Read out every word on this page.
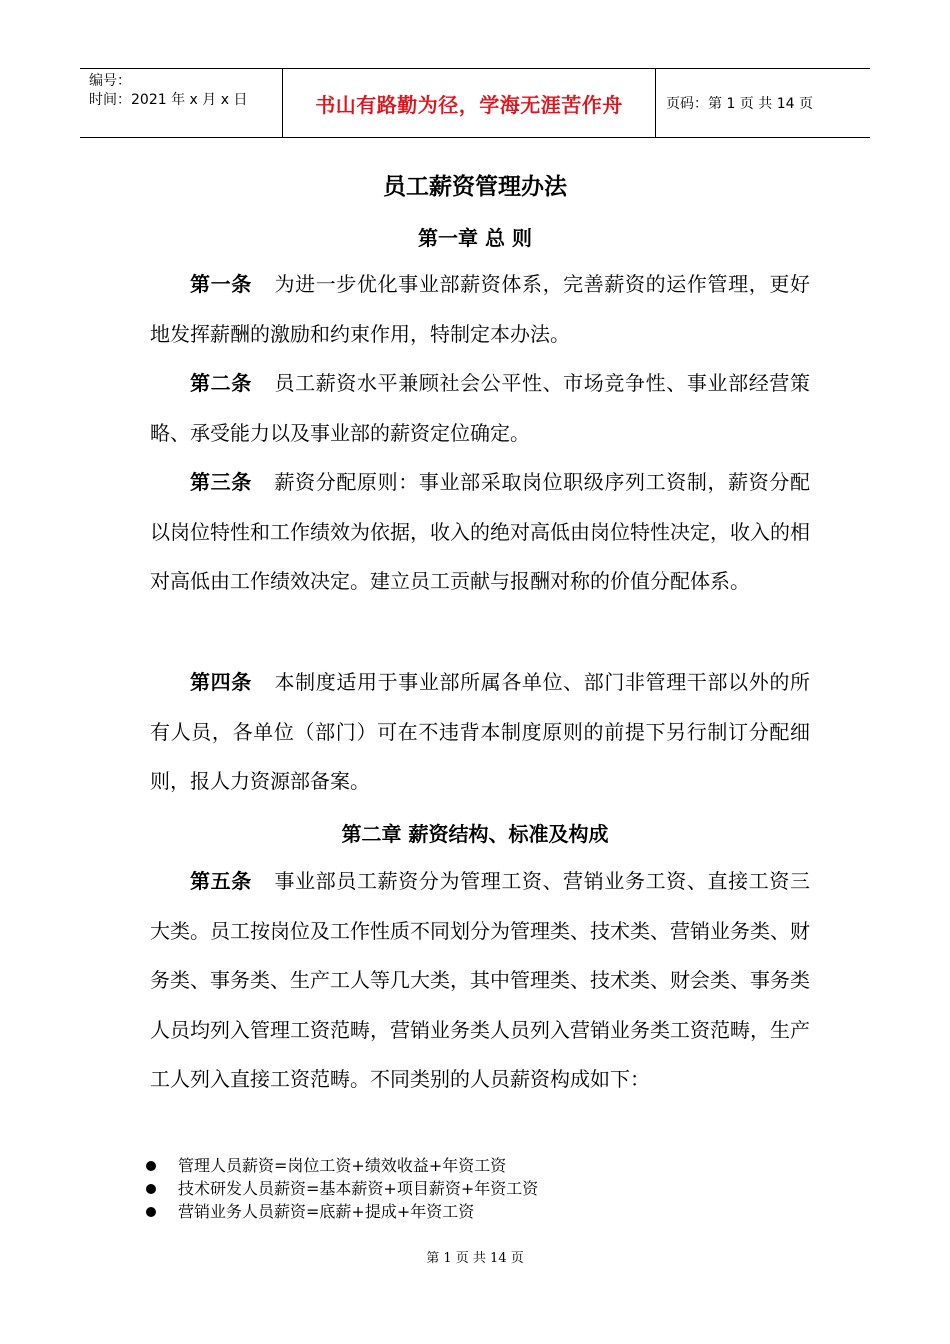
编号：
时间：2021 年 x 月 x 日	书山有路勤为径，学海无涯苦作舟	页码：第 1 页 共 14 页
员工薪资管理办法
第一章 总 则
第一条 为进一步优化事业部薪资体系，完善薪资的运作管理，更好地发挥薪酬的激励和约束作用，特制定本办法。
第二条 员工薪资水平兼顾社会公平性、市场竞争性、事业部经营策略、承受能力以及事业部的薪资定位确定。
第三条 薪资分配原则：事业部采取岗位职级序列工资制，薪资分配以岗位特性和工作绩效为依据，收入的绝对高低由岗位特性决定，收入的相对高低由工作绩效决定。建立员工贡献与报酬对称的价值分配体系。
第四条 本制度适用于事业部所属各单位、部门非管理干部以外的所有人员，各单位（部门）可在不违背本制度原则的前提下另行制订分配细则，报人力资源部备案。
第二章 薪资结构、标准及构成
第五条 事业部员工薪资分为管理工资、营销业务工资、直接工资三大类。员工按岗位及工作性质不同划分为管理类、技术类、营销业务类、财务类、事务类、生产工人等几大类，其中管理类、技术类、财会类、事务类人员均列入管理工资范畴，营销业务类人员列入营销业务类工资范畴，生产工人列入直接工资范畴。不同类别的人员薪资构成如下：
管理人员薪资=岗位工资+绩效收益+年资工资
技术研发人员薪资=基本薪资+项目薪资+年资工资
营销业务人员薪资=底薪+提成+年资工资
第 1 页 共 14 页
